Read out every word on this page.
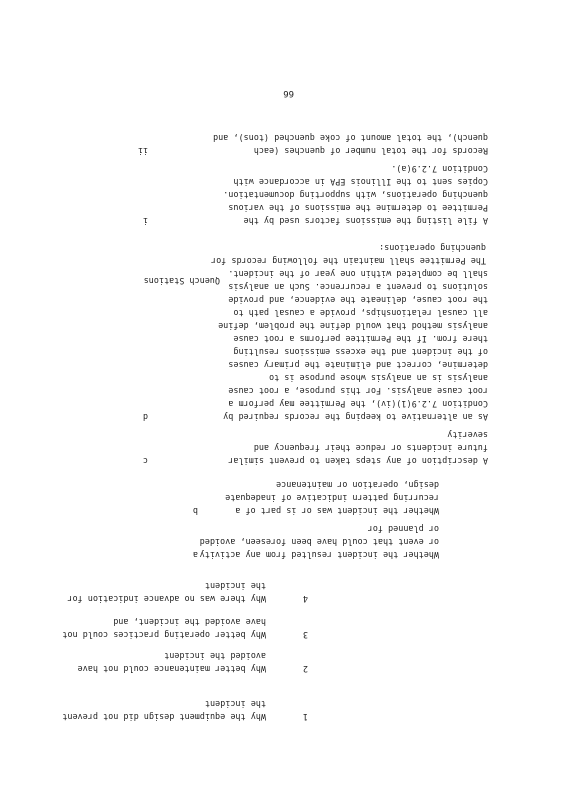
66
1
Why the equipment design did not prevent
the incident
2
Why better maintenance could not have
avoided the incident
3
Why better operating practices could not
have avoided the incident, and
4
Why there was no advance indication for
the incident
a Whether the incident resulted from any activity
or event that could have been foreseen, avoided
or planned for
b	Whether the incident was or is part of a
recurring pattern indicative of inadequate
design, operation or maintenance
c	A description of any steps taken to prevent similar
future incidents or reduce their frequency and
severity
d	As an alternative to keeping the records required by
Condition 7.2.9(1)(iv), the Permittee may perform a
root cause analysis. For this purpose, a root cause
analysis is an analysis whose purpose is to
determine, correct and eliminate the primary causes
of the incident and the excess emissions resulting
there from. If the Permittee performs a root cause
analysis method that would define the problem, define
all causal relationships, provide a causal path to
the root cause, delineate the evidence, and provide
solutions to prevent a recurrence. Such an analysis
shall be completed within one year of the incident.
Quench Stations
The Permittee shall maintain the following records for
quenching operations:
i	A file listing the emissions factors used by the
Permittee to determine the emissions of the various
quenching operations, with supporting documentation.
Copies sent to the Illinois EPA in accordance with
Condition 7.2.9(a).
ii	Records for the total number of quenches (each
quench), the total amount of coke quenched (tons), and
